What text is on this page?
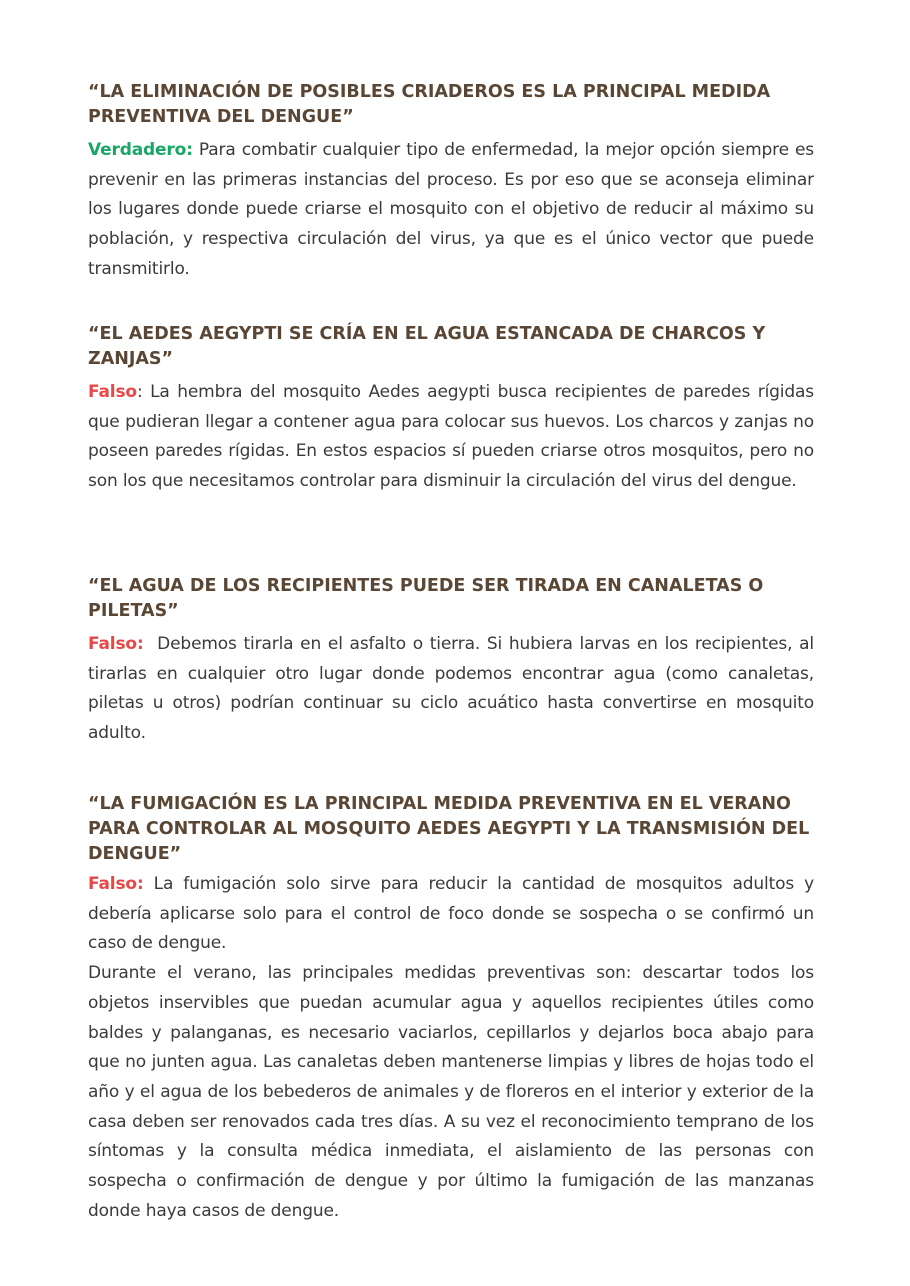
“LA ELIMINACIÓN DE POSIBLES CRIADEROS ES LA PRINCIPAL MEDIDA PREVENTIVA DEL DENGUE”

Verdadero: Para combatir cualquier tipo de enfermedad, la mejor opción siempre es prevenir en las primeras instancias del proceso. Es por eso que se aconseja eliminar los lugares donde puede criarse el mosquito con el objetivo de reducir al máximo su población, y respectiva circulación del virus, ya que es el único vector que puede transmitirlo.

“EL AEDES AEGYPTI SE CRÍA EN EL AGUA ESTANCADA DE CHARCOS Y ZANJAS”

Falso: La hembra del mosquito Aedes aegypti busca recipientes de paredes rígidas que pudieran llegar a contener agua para colocar sus huevos. Los charcos y zanjas no poseen paredes rígidas. En estos espacios sí pueden criarse otros mosquitos, pero no son los que necesitamos controlar para disminuir la circulación del virus del dengue.

“EL AGUA DE LOS RECIPIENTES PUEDE SER TIRADA EN CANALETAS O PILETAS”

Falso:  Debemos tirarla en el asfalto o tierra. Si hubiera larvas en los recipientes, al tirarlas en cualquier otro lugar donde podemos encontrar agua (como canaletas, piletas u otros) podrían continuar su ciclo acuático hasta convertirse en mosquito adulto.

“LA FUMIGACIÓN ES LA PRINCIPAL MEDIDA PREVENTIVA EN EL VERANO PARA CONTROLAR AL MOSQUITO AEDES AEGYPTI Y LA TRANSMISIÓN DEL DENGUE”

Falso: La fumigación solo sirve para reducir la cantidad de mosquitos adultos y debería aplicarse solo para el control de foco donde se sospecha o se confirmó un caso de dengue.

Durante el verano, las principales medidas preventivas son: descartar todos los objetos inservibles que puedan acumular agua y aquellos recipientes útiles como baldes y palanganas, es necesario vaciarlos, cepillarlos y dejarlos boca abajo para que no junten agua. Las canaletas deben mantenerse limpias y libres de hojas todo el año y el agua de los bebederos de animales y de floreros en el interior y exterior de la casa deben ser renovados cada tres días. A su vez el reconocimiento temprano de los síntomas y la consulta médica inmediata, el aislamiento de las personas con sospecha o confirmación de dengue y por último la fumigación de las manzanas donde haya casos de dengue.
